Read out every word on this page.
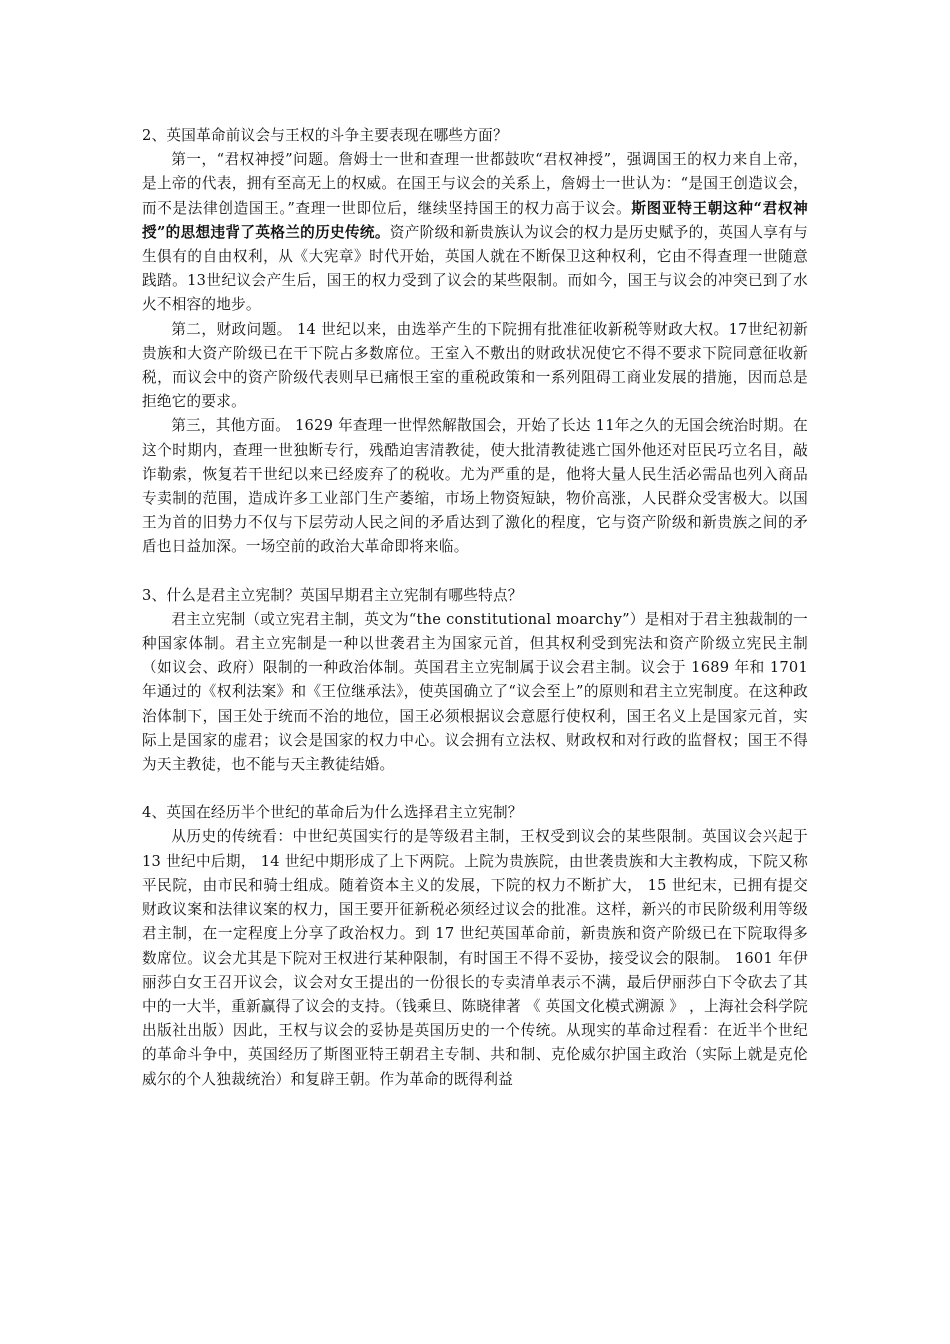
2、英国革命前议会与王权的斗争主要表现在哪些方面？

第一，“君权神授”问题。詹姆士一世和查理一世都鼓吹“君权神授”，强调国王的权力来自上帝，是上帝的代表，拥有至高无上的权威。在国王与议会的关系上，詹姆士一世认为：“是国王创造议会，而不是法律创造国王。”查理一世即位后，继续坚持国王的权力高于议会。斯图亚特王朝这种“君权神授”的思想违背了英格兰的历史传统。资产阶级和新贵族认为议会的权力是历史赋予的，英国人享有与生俱有的自由权利，从《大宪章》时代开始，英国人就在不断保卫这种权利，它由不得查理一世随意践踏。13世纪议会产生后，国王的权力受到了议会的某些限制。而如今，国王与议会的冲突已到了水火不相容的地步。

第二，财政问题。 14 世纪以来，由选举产生的下院拥有批准征收新税等财政大权。17世纪初新贵族和大资产阶级已在干下院占多数席位。王室入不敷出的财政状况使它不得不要求下院同意征收新税，而议会中的资产阶级代表则早已痛恨王室的重税政策和一系列阻碍工商业发展的措施，因而总是拒绝它的要求。

第三，其他方面。 1629 年查理一世悍然解散国会，开始了长达 11年之久的无国会统治时期。在这个时期内，查理一世独断专行，残酷迫害清教徒，使大批清教徒逃亡国外他还对臣民巧立名目，敲诈勒索，恢复若干世纪以来已经废弃了的税收。尤为严重的是，他将大量人民生活必需品也列入商品专卖制的范围，造成许多工业部门生产萎缩，市场上物资短缺，物价高涨，人民群众受害极大。以国王为首的旧势力不仅与下层劳动人民之间的矛盾达到了激化的程度，它与资产阶级和新贵族之间的矛盾也日益加深。一场空前的政治大革命即将来临。

3、什么是君主立宪制？英国早期君主立宪制有哪些特点？

君主立宪制（或立宪君主制，英文为“the constitutional moarchy”）是相对于君主独裁制的一种国家体制。君主立宪制是一种以世袭君主为国家元首，但其权利受到宪法和资产阶级立宪民主制（如议会、政府）限制的一种政治体制。英国君主立宪制属于议会君主制。议会于 1689 年和 1701 年通过的《权利法案》和《王位继承法》，使英国确立了“议会至上”的原则和君主立宪制度。在这种政治体制下，国王处于统而不治的地位，国王必须根据议会意愿行使权利，国王名义上是国家元首，实际上是国家的虚君；议会是国家的权力中心。议会拥有立法权、财政权和对行政的监督权；国王不得为天主教徒，也不能与天主教徒结婚。

4、英国在经历半个世纪的革命后为什么选择君主立宪制？

从历史的传统看：中世纪英国实行的是等级君主制，王权受到议会的某些限制。英国议会兴起于 13 世纪中后期， 14 世纪中期形成了上下两院。上院为贵族院，由世袭贵族和大主教构成，下院又称平民院，由市民和骑士组成。随着资本主义的发展，下院的权力不断扩大， 15 世纪末，已拥有提交财政议案和法律议案的权力，国王要开征新税必须经过议会的批准。这样，新兴的市民阶级利用等级君主制，在一定程度上分享了政治权力。到 17 世纪英国革命前，新贵族和资产阶级已在下院取得多数席位。议会尤其是下院对王权进行某种限制，有时国王不得不妥协，接受议会的限制。 1601 年伊丽莎白女王召开议会，议会对女王提出的一份很长的专卖清单表示不满，最后伊丽莎白下令砍去了其中的一大半，重新赢得了议会的支持。（钱乘旦、陈晓律著 《 英国文化模式溯源 》 ，上海社会科学院出版社出版）因此，王权与议会的妥协是英国历史的一个传统。从现实的革命过程看：在近半个世纪的革命斗争中，英国经历了斯图亚特王朝君主专制、共和制、克伦威尔护国主政治（实际上就是克伦威尔的个人独裁统治）和复辟王朝。作为革命的既得利益
